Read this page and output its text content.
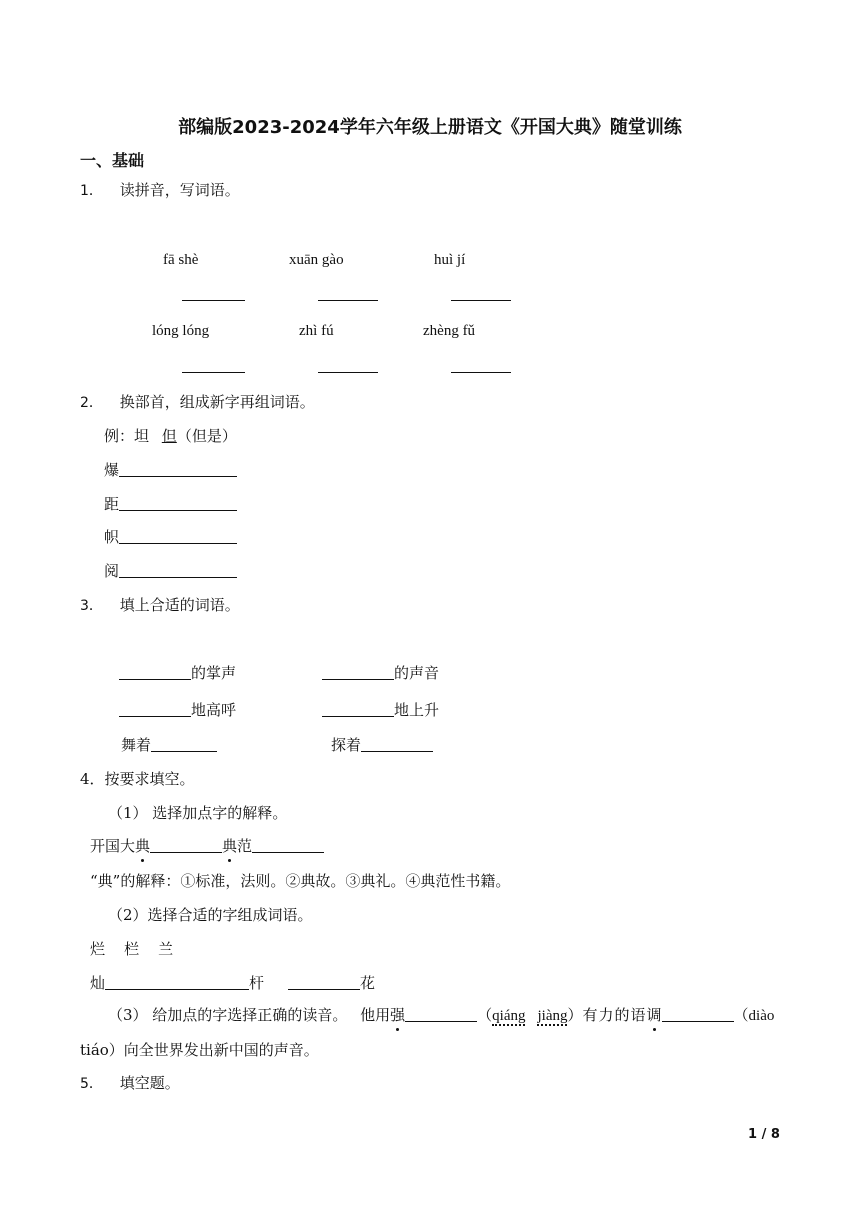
部编版2023-2024学年六年级上册语文《开国大典》随堂训练
一、基础
1． 读拼音，写词语。
fā shè	xuān gào	huì jí
lóng lóng	zhì fú	zhèng fǔ
2． 换部首，组成新字再组词语。
例：坦 但（但是）
爆
距
帜
阅
3． 填上合适的词语。
的掌声	的声音
地高呼	地上升
舞着	探着
4．按要求填空。
（1） 选择加点字的解释。
开国大典	典范
“典”的解释：①标准，法则。②典故。③典礼。④典范性书籍。
（2）选择合适的字组成词语。
烂    栏    兰
灿	杆	花
（3） 给加点的字选择正确的读音。 他用强	（qiáng jiàng）有力的语调	（diào
tiáo）向全世界发出新中国的声音。
5． 填空题。
1 / 8
